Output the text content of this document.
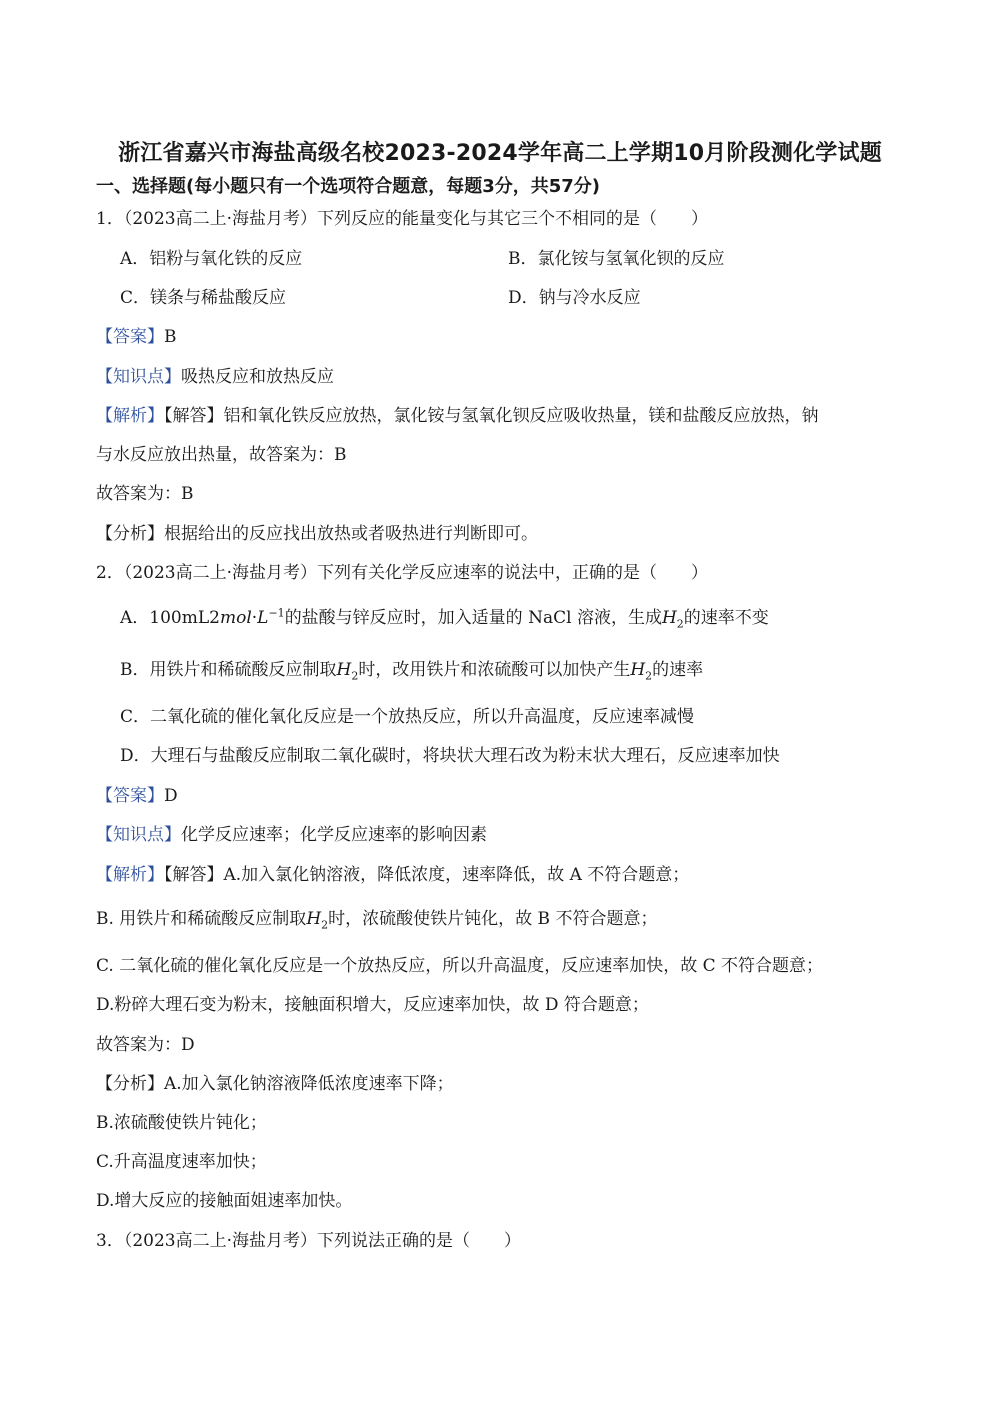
浙江省嘉兴市海盐高级名校2023-2024学年高二上学期10月阶段测化学试题
一、选择题(每小题只有一个选项符合题意，每题3分，共57分)
1．（2023高二上·海盐月考）下列反应的能量变化与其它三个不相同的是（　　）
A．铝粉与氧化铁的反应	B．氯化铵与氢氧化钡的反应
C．镁条与稀盐酸反应	D．钠与冷水反应
【答案】B
【知识点】吸热反应和放热反应
【解析】【解答】铝和氧化铁反应放热，氯化铵与氢氧化钡反应吸收热量，镁和盐酸反应放热，钠
与水反应放出热量，故答案为：B
故答案为：B
【分析】根据给出的反应找出放热或者吸热进行判断即可。
2．（2023高二上·海盐月考）下列有关化学反应速率的说法中，正确的是（　　）
A．$100mL2mol\cdot L^{-1}$的盐酸与锌反应时，加入适量的 NaCl 溶液，生成$H_2$的速率不变
B．用铁片和稀硫酸反应制取$H_2$时，改用铁片和浓硫酸可以加快产生$H_2$的速率
C．二氧化硫的催化氧化反应是一个放热反应，所以升高温度，反应速率减慢
D．大理石与盐酸反应制取二氧化碳时，将块状大理石改为粉末状大理石，反应速率加快
【答案】D
【知识点】化学反应速率；化学反应速率的影响因素
【解析】【解答】A.加入氯化钠溶液，降低浓度，速率降低，故 A 不符合题意；
B. 用铁片和稀硫酸反应制取$H_2$时，浓硫酸使铁片钝化，故 B 不符合题意；
C. 二氧化硫的催化氧化反应是一个放热反应，所以升高温度，反应速率加快，故 C 不符合题意；
D.粉碎大理石变为粉末，接触面积增大，反应速率加快，故 D 符合题意；
故答案为：D
【分析】A.加入氯化钠溶液降低浓度速率下降；
B.浓硫酸使铁片钝化；
C.升高温度速率加快；
D.增大反应的接触面姐速率加快。
3．（2023高二上·海盐月考）下列说法正确的是（　　）
